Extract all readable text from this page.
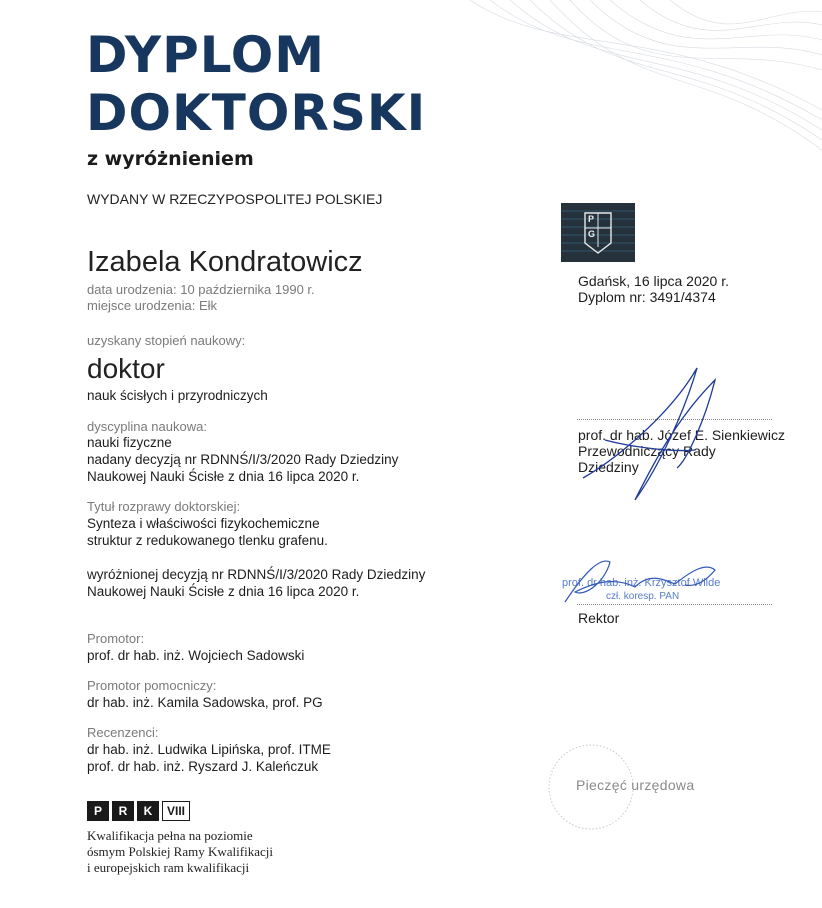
DYPLOM
DOKTORSKI
z wyróżnieniem
WYDANY W RZECZYPOSPOLITEJ POLSKIEJ
Izabela Kondratowicz
data urodzenia: 10 października 1990 r.
miejsce urodzenia: Ełk
uzyskany stopień naukowy:
doktor
nauk ścisłych i przyrodniczych
dyscyplina naukowa:
nauki fizyczne
nadany decyzją nr RDNNŚ/I/3/2020 Rady Dziedziny
Naukowej Nauki Ścisłe z dnia 16 lipca 2020 r.
Tytuł rozprawy doktorskiej:
Synteza i właściwości fizykochemiczne
struktur z redukowanego tlenku grafenu.
wyróżnionej decyzją nr RDNNŚ/I/3/2020 Rady Dziedziny
Naukowej Nauki Ścisłe z dnia 16 lipca 2020 r.
Promotor:
prof. dr hab. inż. Wojciech Sadowski
Promotor pomocniczy:
dr hab. inż. Kamila Sadowska, prof. PG
Recenzenci:
dr hab. inż. Ludwika Lipińska, prof. ITME
prof. dr hab. inż. Ryszard J. Kaleńczuk
P R K VIII
Kwalifikacja pełna na poziomie
ósmym Polskiej Ramy Kwalifikacji
i europejskich ram kwalifikacji
P
G
Gdańsk, 16 lipca 2020 r.
Dyplom nr: 3491/4374
prof. dr hab. Józef E. Sienkiewicz
Przewodniczący Rady
Dziedziny
prof. dr hab. inż. Krzysztof Wilde
czł. koresp. PAN
Rektor
Pieczęć urzędowa
